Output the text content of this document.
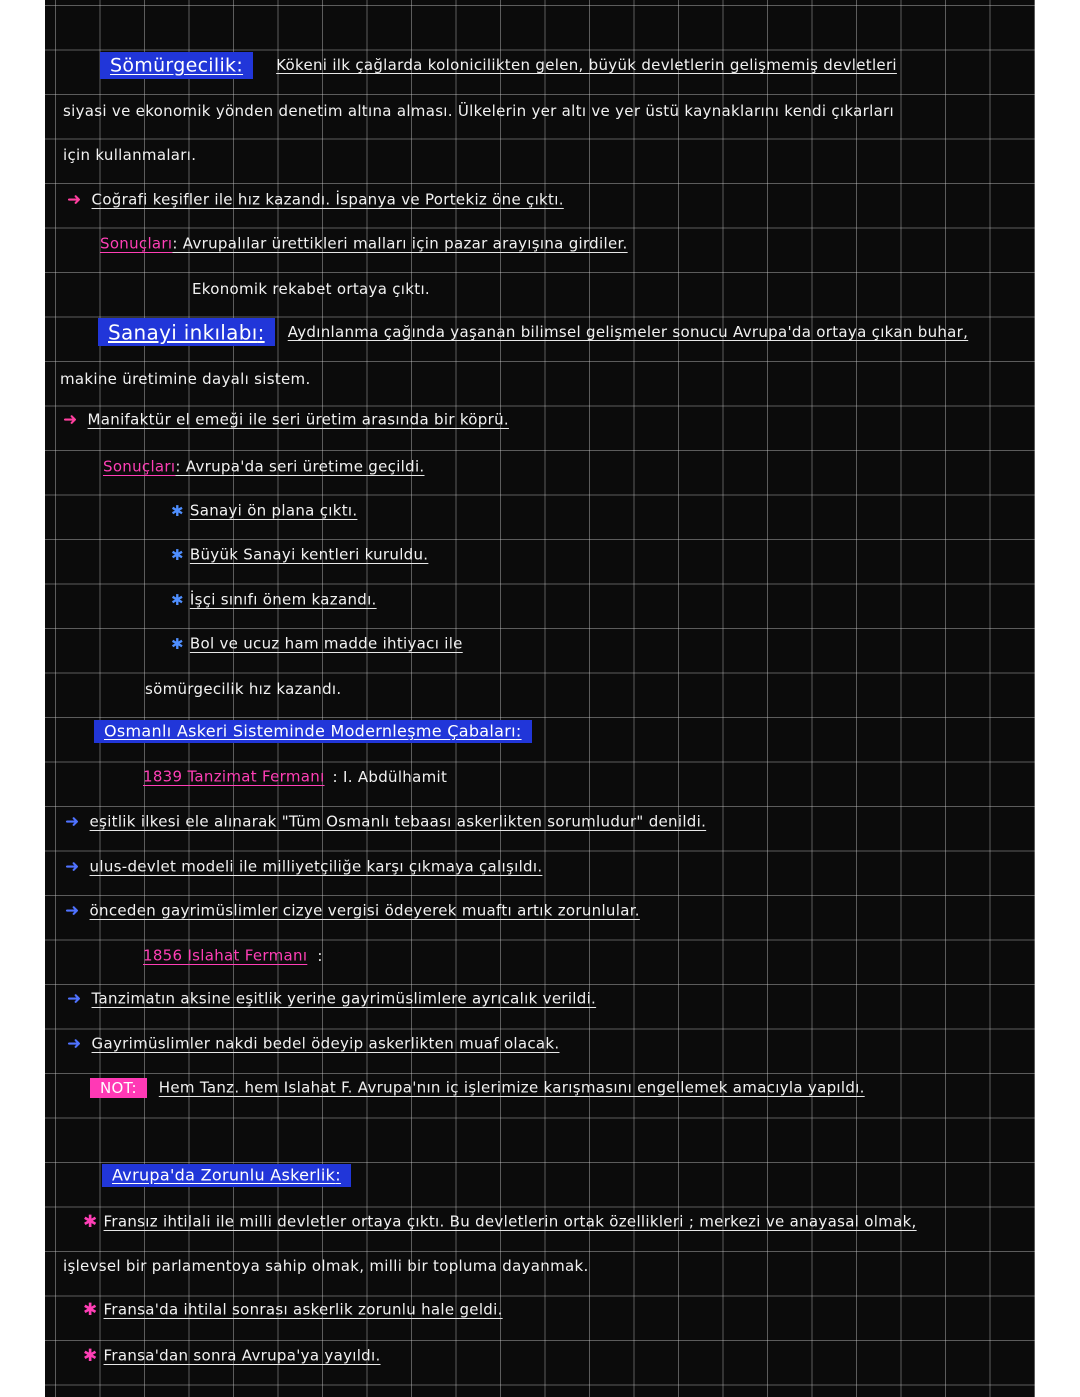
Sömürgecilik: Kökeni ilk çağlarda kolonicilikten gelen, büyük devletlerin gelişmemiş devletleri
siyasi ve ekonomik yönden denetim altına alması. Ülkelerin yer altı ve yer üstü kaynaklarını kendi çıkarları
için kullanmaları.
➜ Coğrafi keşifler ile hız kazandı. İspanya ve Portekiz öne çıktı.
Sonuçları: Avrupalılar ürettikleri malları için pazar arayışına girdiler.
Ekonomik rekabet ortaya çıktı.
Sanayi inkılabı: Aydınlanma çağında yaşanan bilimsel gelişmeler sonucu Avrupa'da ortaya çıkan buhar,
makine üretimine dayalı sistem.
➜ Manifaktür el emeği ile seri üretim arasında bir köprü.
Sonuçları: Avrupa'da seri üretime geçildi.
✱ Sanayi ön plana çıktı.
✱ Büyük Sanayi kentleri kuruldu.
✱ İşçi sınıfı önem kazandı.
✱ Bol ve ucuz ham madde ihtiyacı ile
sömürgecilik hız kazandı.
Osmanlı Askeri Sisteminde Modernleşme Çabaları:
1839 Tanzimat Fermanı : I. Abdülhamit
➜ eşitlik ilkesi ele alınarak "Tüm Osmanlı tebaası askerlikten sorumludur" denildi.
➜ ulus-devlet modeli ile milliyetçiliğe karşı çıkmaya çalışıldı.
➜ önceden gayrimüslimler cizye vergisi ödeyerek muaftı artık zorunlular.
1856 Islahat Fermanı :
➜ Tanzimatın aksine eşitlik yerine gayrimüslimlere ayrıcalık verildi.
➜ Gayrimüslimler nakdi bedel ödeyip askerlikten muaf olacak.
NOT: Hem Tanz. hem Islahat F. Avrupa'nın iç işlerimize karışmasını engellemek amacıyla yapıldı.
Avrupa'da Zorunlu Askerlik:
✱ Fransız ihtilali ile milli devletler ortaya çıktı. Bu devletlerin ortak özellikleri ; merkezi ve anayasal olmak,
işlevsel bir parlamentoya sahip olmak, milli bir topluma dayanmak.
✱ Fransa'da ihtilal sonrası askerlik zorunlu hale geldi.
✱ Fransa'dan sonra Avrupa'ya yayıldı.
